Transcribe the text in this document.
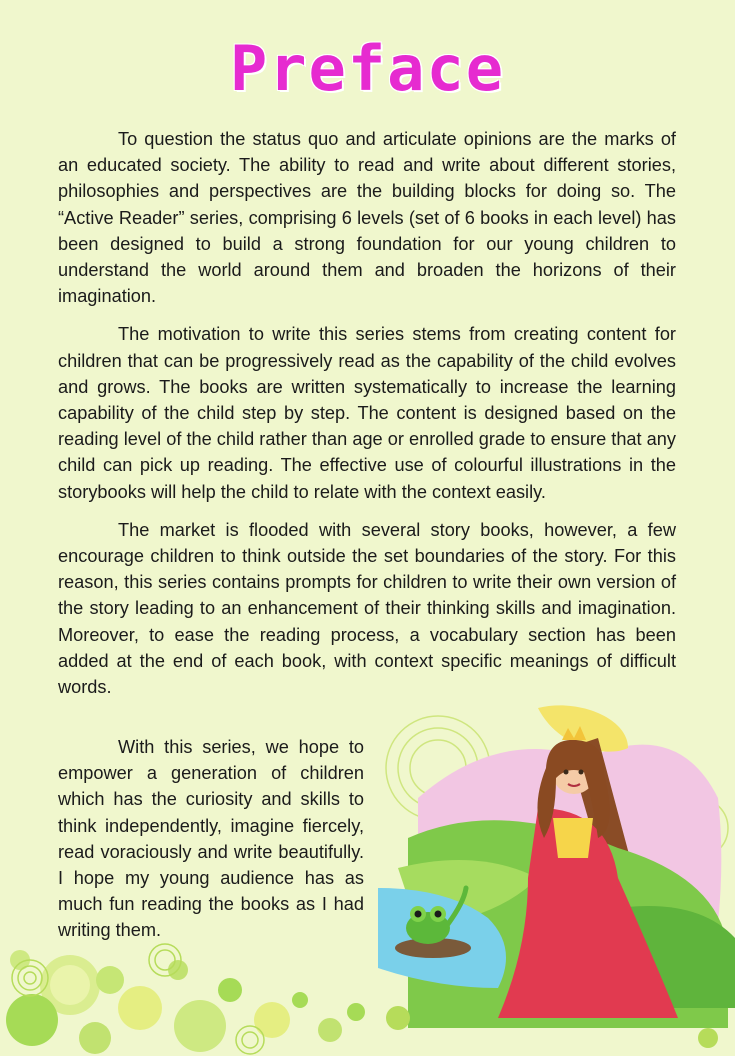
Preface

To question the status quo and articulate opinions are the marks of an educated society. The ability to read and write about different stories, philosophies and perspectives are the building blocks for doing so. The “Active Reader” series, comprising 6 levels (set of 6 books in each level) has been designed to build a strong foundation for our young children to understand the world around them and broaden the horizons of their imagination.

The motivation to write this series stems from creating content for children that can be progressively read as the capability of the child evolves and grows. The books are written systematically to increase the learning capability of the child step by step. The content is designed based on the reading level of the child rather than age or enrolled grade to ensure that any child can pick up reading. The effective use of colourful illustrations in the storybooks will help the child to relate with the context easily.

The market is flooded with several story books, however, a few encourage children to think outside the set boundaries of the story. For this reason, this series contains prompts for children to write their own version of the story leading to an enhancement of their thinking skills and imagination. Moreover, to ease the reading process, a vocabulary section has been added at the end of each book, with context specific meanings of difficult words.

With this series, we hope to empower a generation of children which has the curiosity and skills to think independently, imagine fiercely, read voraciously and write beautifully. I hope my young audience has as much fun reading the books as I had writing them.
